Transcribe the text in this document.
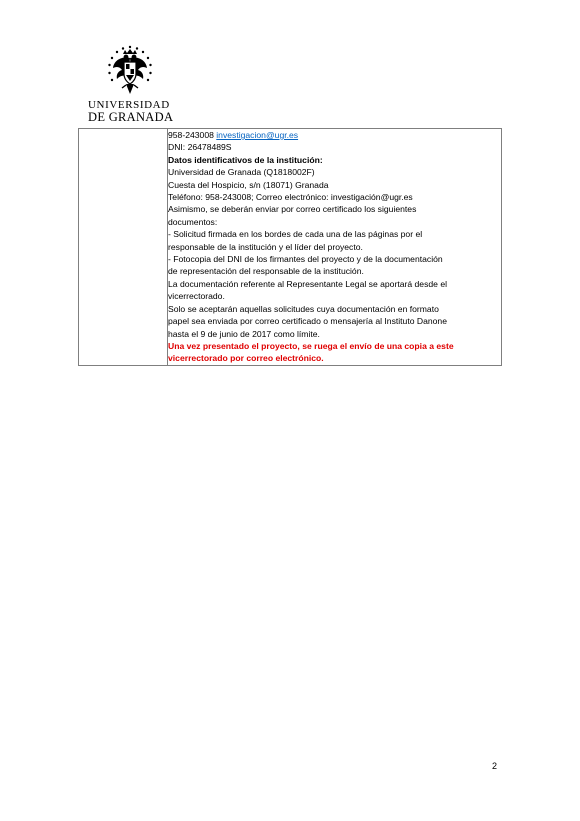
UNIVERSIDAD
DE GRANADA

958-243008 investigacion@ugr.es
DNI: 26478489S
Datos identificativos de la institución:
Universidad de Granada (Q1818002F)
Cuesta del Hospicio, s/n (18071) Granada
Teléfono: 958-243008; Correo electrónico: investigación@ugr.es
Asimismo, se deberán enviar por correo certificado los siguientes
documentos:
- Solicitud firmada en los bordes de cada una de las páginas por el
responsable de la institución y el líder del proyecto.
- Fotocopia del DNI de los firmantes del proyecto y de la documentación
de representación del responsable de la institución.
La documentación referente al Representante Legal se aportará desde el
vicerrectorado.
Solo se aceptarán aquellas solicitudes cuya documentación en formato
papel sea enviada por correo certificado o mensajería al Instituto Danone
hasta el 9 de junio de 2017 como límite.
Una vez presentado el proyecto, se ruega el envío de una copia a este
vicerrectorado por correo electrónico.
2
